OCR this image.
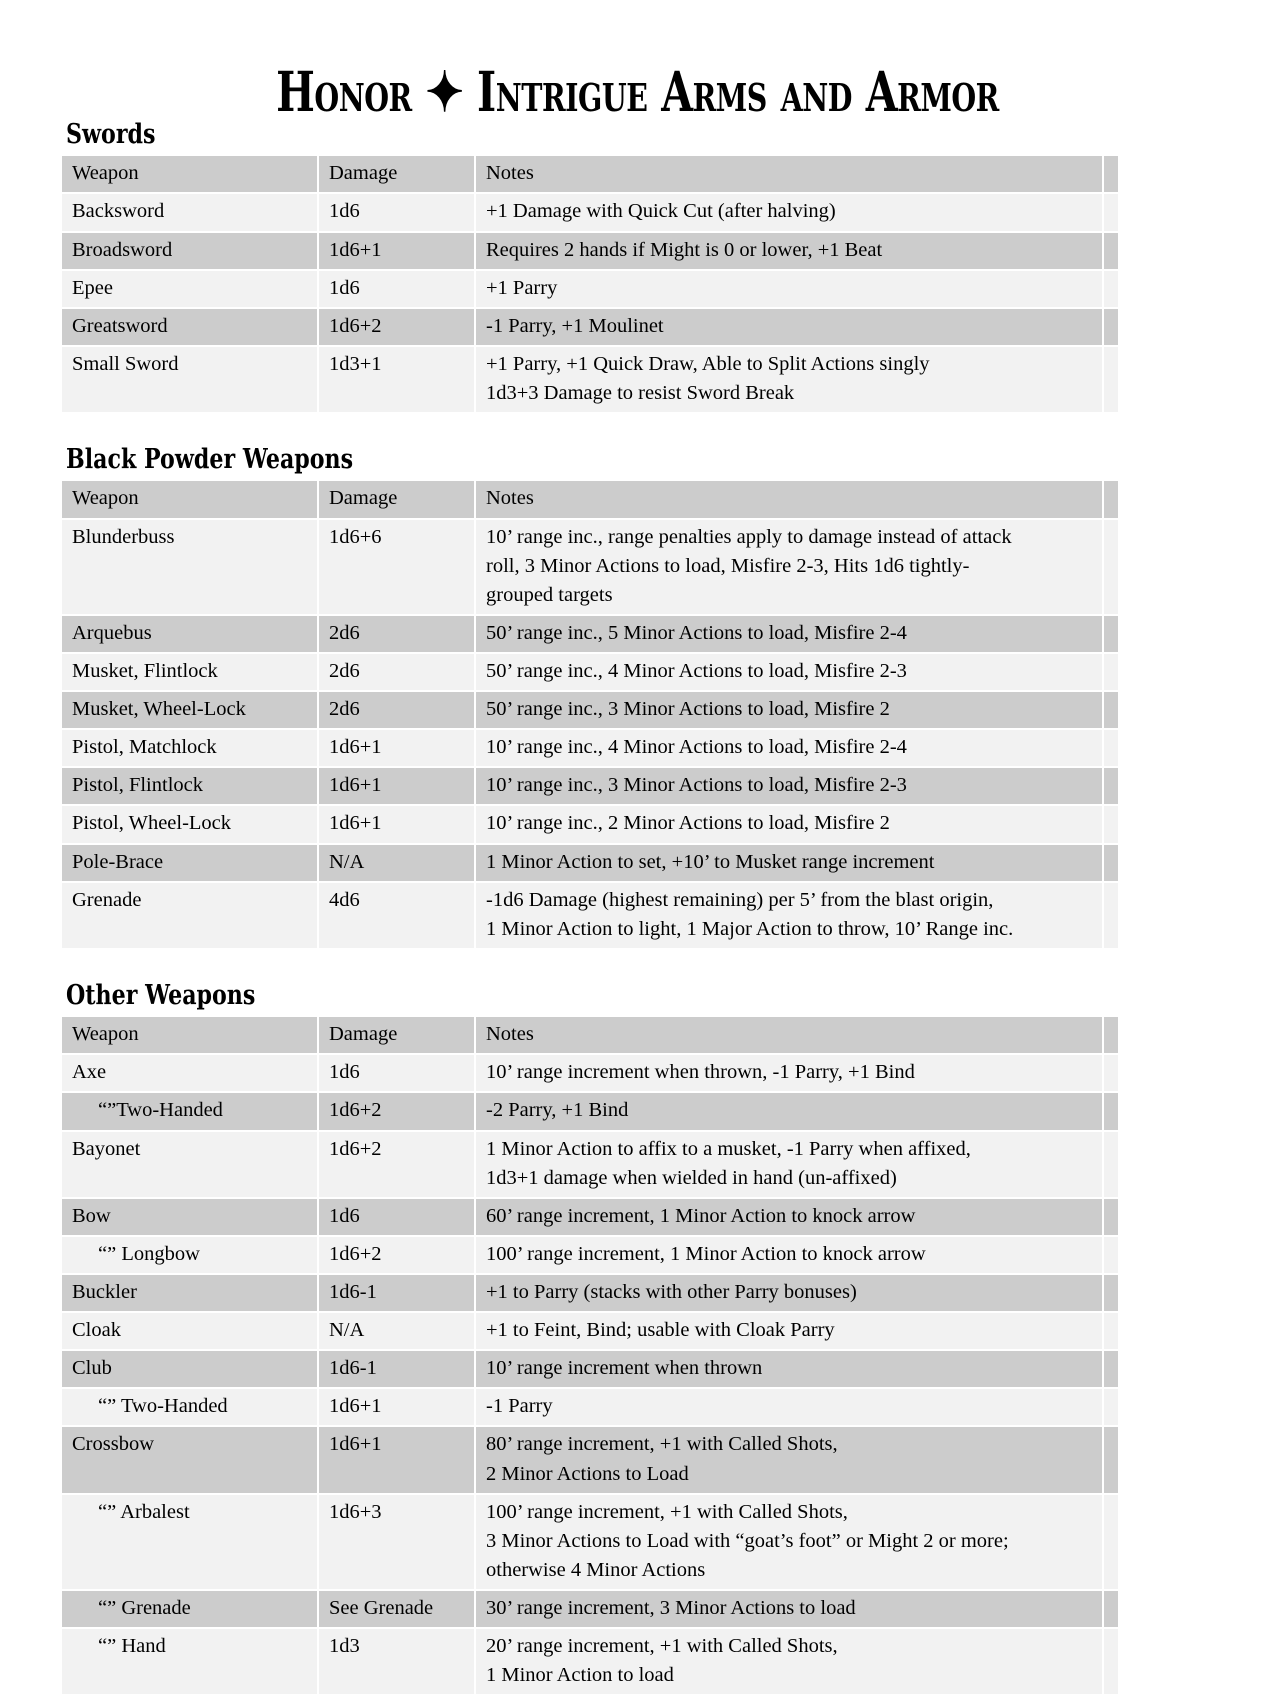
Honor ✦ Intrigue Arms and Armor
Swords
Weapon	Damage	Notes	
Backsword	1d6	+1 Damage with Quick Cut (after halving)	

Broadsword	1d6+1	Requires 2 hands if Might is 0 or lower, +1 Beat	

Epee	1d6	+1 Parry	

Greatsword	1d6+2	-1 Parry, +1 Moulinet	

Small Sword	1d3+1	+1 Parry, +1 Quick Draw, Able to Split Actions singly
1d3+3 Damage to resist Sword Break	

Black Powder Weapons
Weapon	Damage	Notes	
Blunderbuss	1d6+6	10’ range inc., range penalties apply to damage instead of attack
roll, 3 Minor Actions to load, Misfire 2-3, Hits 1d6 tightly-
grouped targets	

Arquebus	2d6	50’ range inc., 5 Minor Actions to load, Misfire 2-4	

Musket, Flintlock	2d6	50’ range inc., 4 Minor Actions to load, Misfire 2-3	

Musket, Wheel-Lock	2d6	50’ range inc., 3 Minor Actions to load, Misfire 2	

Pistol, Matchlock	1d6+1	10’ range inc., 4 Minor Actions to load, Misfire 2-4	

Pistol, Flintlock	1d6+1	10’ range inc., 3 Minor Actions to load, Misfire 2-3	

Pistol, Wheel-Lock	1d6+1	10’ range inc., 2 Minor Actions to load, Misfire 2	

Pole-Brace	N/A	1 Minor Action to set, +10’ to Musket range increment	

Grenade	4d6	-1d6 Damage (highest remaining) per 5’ from the blast origin,
1 Minor Action to light, 1 Major Action to throw, 10’ Range inc.	

Other Weapons
Weapon	Damage	Notes	
Axe	1d6	10’ range increment when thrown, -1 Parry, +1 Bind	

“”Two-Handed	1d6+2	-2 Parry, +1 Bind	

Bayonet	1d6+2	1 Minor Action to affix to a musket, -1 Parry when affixed,
1d3+1 damage when wielded in hand (un-affixed)	

Bow	1d6	60’ range increment, 1 Minor Action to knock arrow	

“” Longbow	1d6+2	100’ range increment, 1 Minor Action to knock arrow	

Buckler	1d6-1	+1 to Parry (stacks with other Parry bonuses)	

Cloak	N/A	+1 to Feint, Bind; usable with Cloak Parry	

Club	1d6-1	10’ range increment when thrown	

“” Two-Handed	1d6+1	-1 Parry	

Crossbow	1d6+1	80’ range increment, +1 with Called Shots,
2 Minor Actions to Load	

“” Arbalest	1d6+3	100’ range increment, +1 with Called Shots,
3 Minor Actions to Load with “goat’s foot” or Might 2 or more;
otherwise 4 Minor Actions	

“” Grenade	See Grenade	30’ range increment, 3 Minor Actions to load	

“” Hand	1d3	20’ range increment, +1 with Called Shots,
1 Minor Action to load	
